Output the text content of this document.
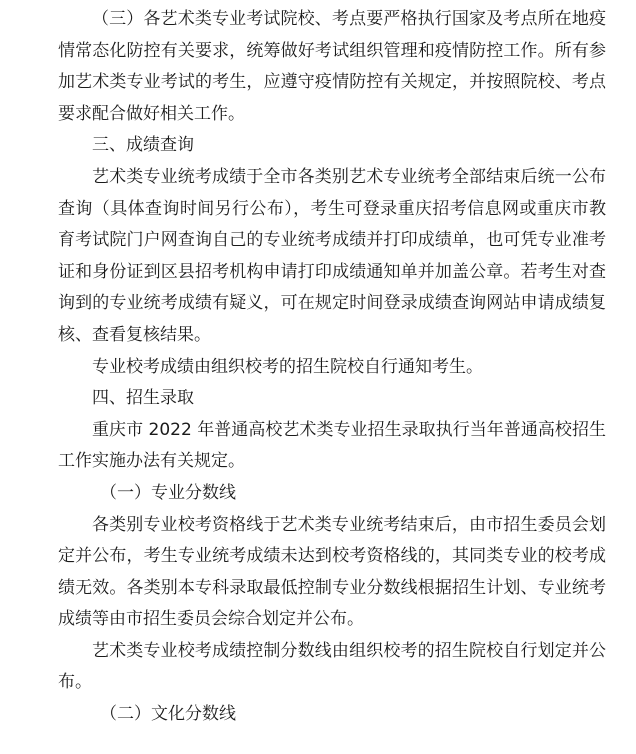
（三）各艺术类专业考试院校、考点要严格执行国家及考点所在地疫情常态化防控有关要求，统筹做好考试组织管理和疫情防控工作。所有参加艺术类专业考试的考生，应遵守疫情防控有关规定，并按照院校、考点要求配合做好相关工作。

三、成绩查询

艺术类专业统考成绩于全市各类别艺术专业统考全部结束后统一公布查询（具体查询时间另行公布），考生可登录重庆招考信息网或重庆市教育考试院门户网查询自己的专业统考成绩并打印成绩单，也可凭专业准考证和身份证到区县招考机构申请打印成绩通知单并加盖公章。若考生对查询到的专业统考成绩有疑义，可在规定时间登录成绩查询网站申请成绩复核、查看复核结果。

专业校考成绩由组织校考的招生院校自行通知考生。

四、招生录取

重庆市 2022 年普通高校艺术类专业招生录取执行当年普通高校招生工作实施办法有关规定。

（一）专业分数线

各类别专业校考资格线于艺术类专业统考结束后，由市招生委员会划定并公布，考生专业统考成绩未达到校考资格线的，其同类专业的校考成绩无效。各类别本专科录取最低控制专业分数线根据招生计划、专业统考成绩等由市招生委员会综合划定并公布。

艺术类专业校考成绩控制分数线由组织校考的招生院校自行划定并公布。

（二）文化分数线
